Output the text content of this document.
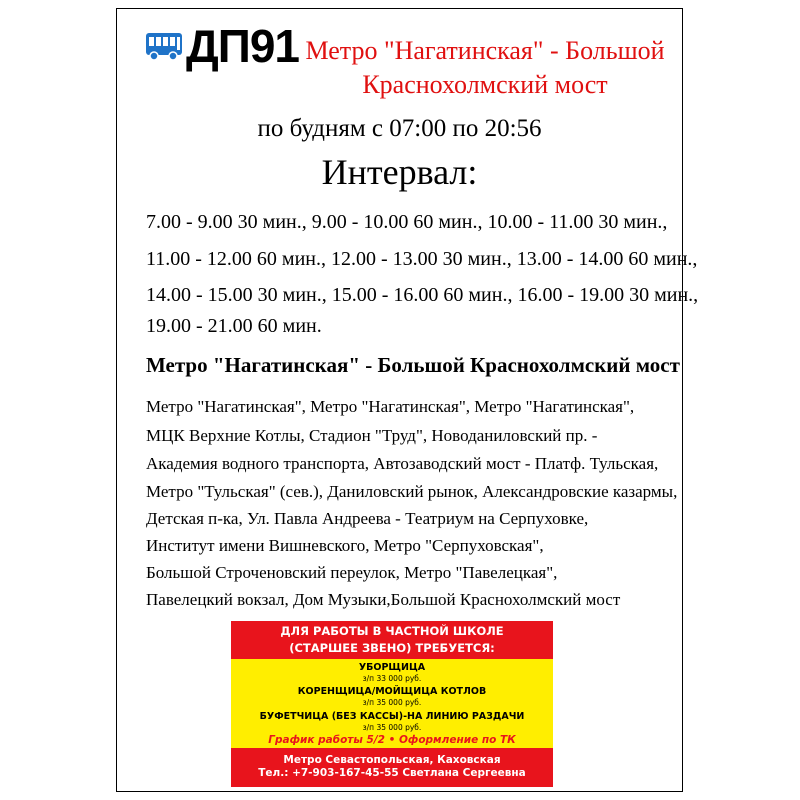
ДП91 Метро "Нагатинская" - Большой
Краснохолмский мост
по будням с 07:00 по 20:56
Интервал:
7.00 - 9.00 30 мин., 9.00 - 10.00 60 мин., 10.00 - 11.00 30 мин.,
11.00 - 12.00 60 мин., 12.00 - 13.00 30 мин., 13.00 - 14.00 60 мин.,
14.00 - 15.00 30 мин., 15.00 - 16.00 60 мин., 16.00 - 19.00 30 мин.,
19.00 - 21.00 60 мин.
Метро "Нагатинская" - Большой Краснохолмский мост
Метро "Нагатинская", Метро "Нагатинская", Метро "Нагатинская",
МЦК Верхние Котлы, Стадион "Труд", Новоданиловский пр. -
Академия водного транспорта, Автозаводский мост - Платф. Тульская,
Метро "Тульская" (сев.), Даниловский рынок, Александровские казармы,
Детская п-ка, Ул. Павла Андреева - Театриум на Серпуховке,
Институт имени Вишневского, Метро "Серпуховская",
Большой Строченовский переулок, Метро "Павелецкая",
Павелецкий вокзал, Дом Музыки,Большой Краснохолмский мост
ДЛЯ РАБОТЫ В ЧАСТНОЙ ШКОЛЕ
(СТАРШЕЕ ЗВЕНО) ТРЕБУЕТСЯ:
УБОРЩИЦА
з/п 33 000 руб.
КОРЕНЩИЦА/МОЙЩИЦА КОТЛОВ
з/п 35 000 руб.
БУФЕТЧИЦА (БЕЗ КАССЫ)-НА ЛИНИЮ РАЗДАЧИ
з/п 35 000 руб.
График работы 5/2 • Оформление по ТК
Метро Севастопольская, Каховская
Тел.: +7-903-167-45-55 Светлана Сергеевна
